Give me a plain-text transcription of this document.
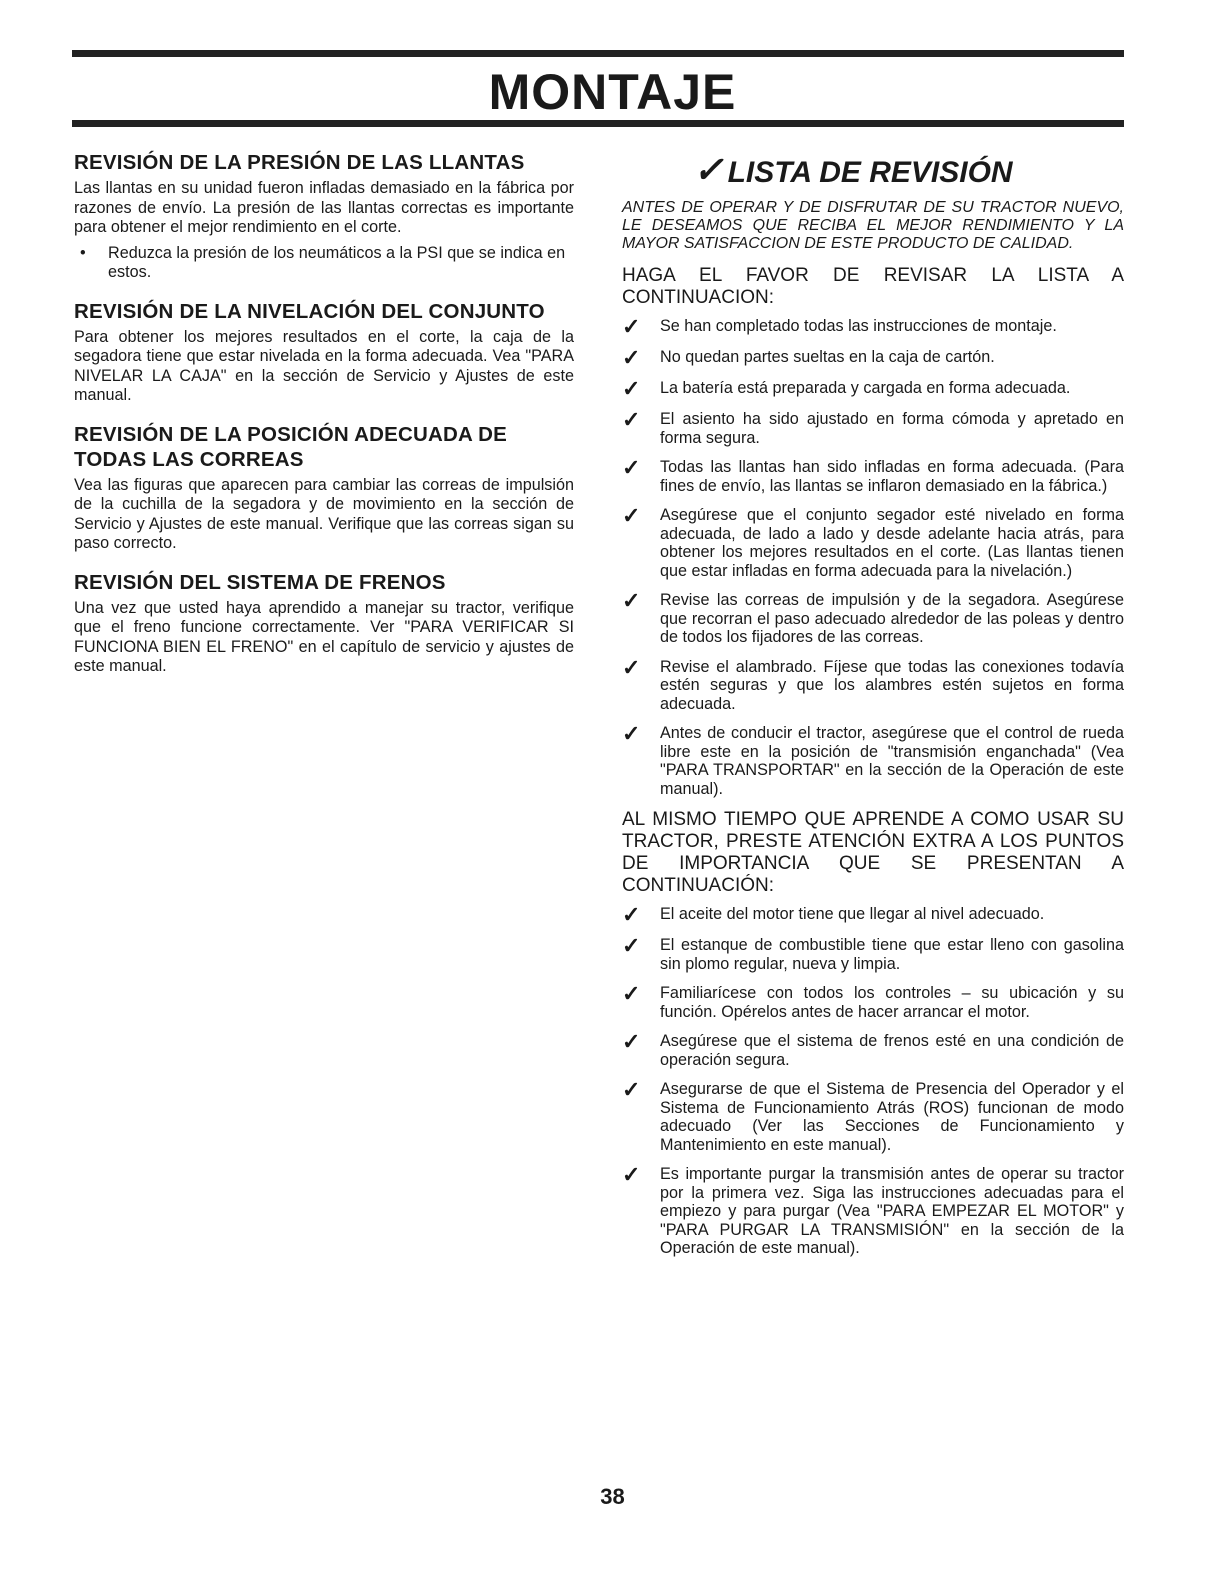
MONTAJE
REVISIÓN DE LA PRESIÓN DE LAS LLANTAS

Las llantas en su unidad fueron infladas demasiado en la fábrica por razones de envío. La presión de las llantas correctas es importante para obtener el mejor rendimiento en el corte.

•	Reduzca la presión de los neumáticos a la PSI que se indica en estos.
REVISIÓN DE LA NIVELACIÓN DEL CONJUNTO

Para obtener los mejores resultados en el corte, la caja de la segadora tiene que estar nivelada en la forma adecuada. Vea "PARA NIVELAR LA CAJA" en la sección de Servicio y Ajustes de este manual.

REVISIÓN DE LA POSICIÓN ADECUADA DE TODAS LAS CORREAS

Vea las figuras que aparecen para cambiar las correas de impulsión de la cuchilla de la segadora y de movimiento en la sección de Servicio y Ajustes de este manual. Verifique que las correas sigan su paso correcto.

REVISIÓN DEL SISTEMA DE FRENOS

Una vez que usted haya aprendido a manejar su tractor, verifique que el freno funcione correctamente. Ver "PARA VERIFICAR SI FUNCIONA BIEN EL FRENO" en el capítulo de servicio y ajustes de este manual.

✓ LISTA DE REVISIÓN

ANTES DE OPERAR Y DE DISFRUTAR DE SU TRACTOR NUEVO, LE DESEAMOS QUE RECIBA EL MEJOR RENDIMIENTO Y LA MAYOR SATISFACCION DE ESTE PRODUCTO DE CALIDAD.

HAGA EL FAVOR DE REVISAR LA LISTA A CONTINUACION:

✓	Se han completado todas las instrucciones de montaje.
✓	No quedan partes sueltas en la caja de cartón.
✓	La batería está preparada y cargada en forma adecuada.
✓	El asiento ha sido ajustado en forma cómoda y apretado en forma segura.
✓	Todas las llantas han sido infladas en forma adecuada. (Para fines de envío, las llantas se inflaron demasiado en la fábrica.)
✓	Asegúrese que el conjunto segador esté nivelado en forma adecuada, de lado a lado y desde adelante hacia atrás, para obtener los mejores resultados en el corte. (Las llantas tienen que estar infladas en forma adecuada para la nivelación.)
✓	Revise las correas de impulsión y de la segadora. Asegúrese que recorran el paso adecuado alrededor de las poleas y dentro de todos los fijadores de las correas.
✓	Revise el alambrado. Fíjese que todas las conexiones todavía estén seguras y que los alambres estén sujetos en forma adecuada.
✓	Antes de conducir el tractor, asegúrese que el control de rueda libre este en la posición de "transmisión enganchada" (Vea "PARA TRANSPORTAR" en la sección de la Operación de este manual).

AL MISMO TIEMPO QUE APRENDE A COMO USAR SU TRACTOR, PRESTE ATENCIÓN EXTRA A LOS PUNTOS DE IMPORTANCIA QUE SE PRESENTAN A CONTINUACIÓN:

✓	El aceite del motor tiene que llegar al nivel adecuado.
✓	El estanque de combustible tiene que estar lleno con gasolina sin plomo regular, nueva y limpia.
✓	Familiarícese con todos los controles – su ubicación y su función. Opérelos antes de hacer arrancar el motor.
✓	Asegúrese que el sistema de frenos esté en una condición de operación segura.
✓	Asegurarse de que el Sistema de Presencia del Operador y el Sistema de Funcionamiento Atrás (ROS) funcionan de modo adecuado (Ver las Secciones de Funcionamiento y Mantenimiento en este manual).
✓	Es importante purgar la transmisión antes de operar su tractor por la primera vez. Siga las instrucciones adecuadas para el empiezo y para purgar (Vea "PARA EMPEZAR EL MOTOR" y "PARA PURGAR LA TRANSMISIÓN" en la sección de la Operación de este manual).
38
